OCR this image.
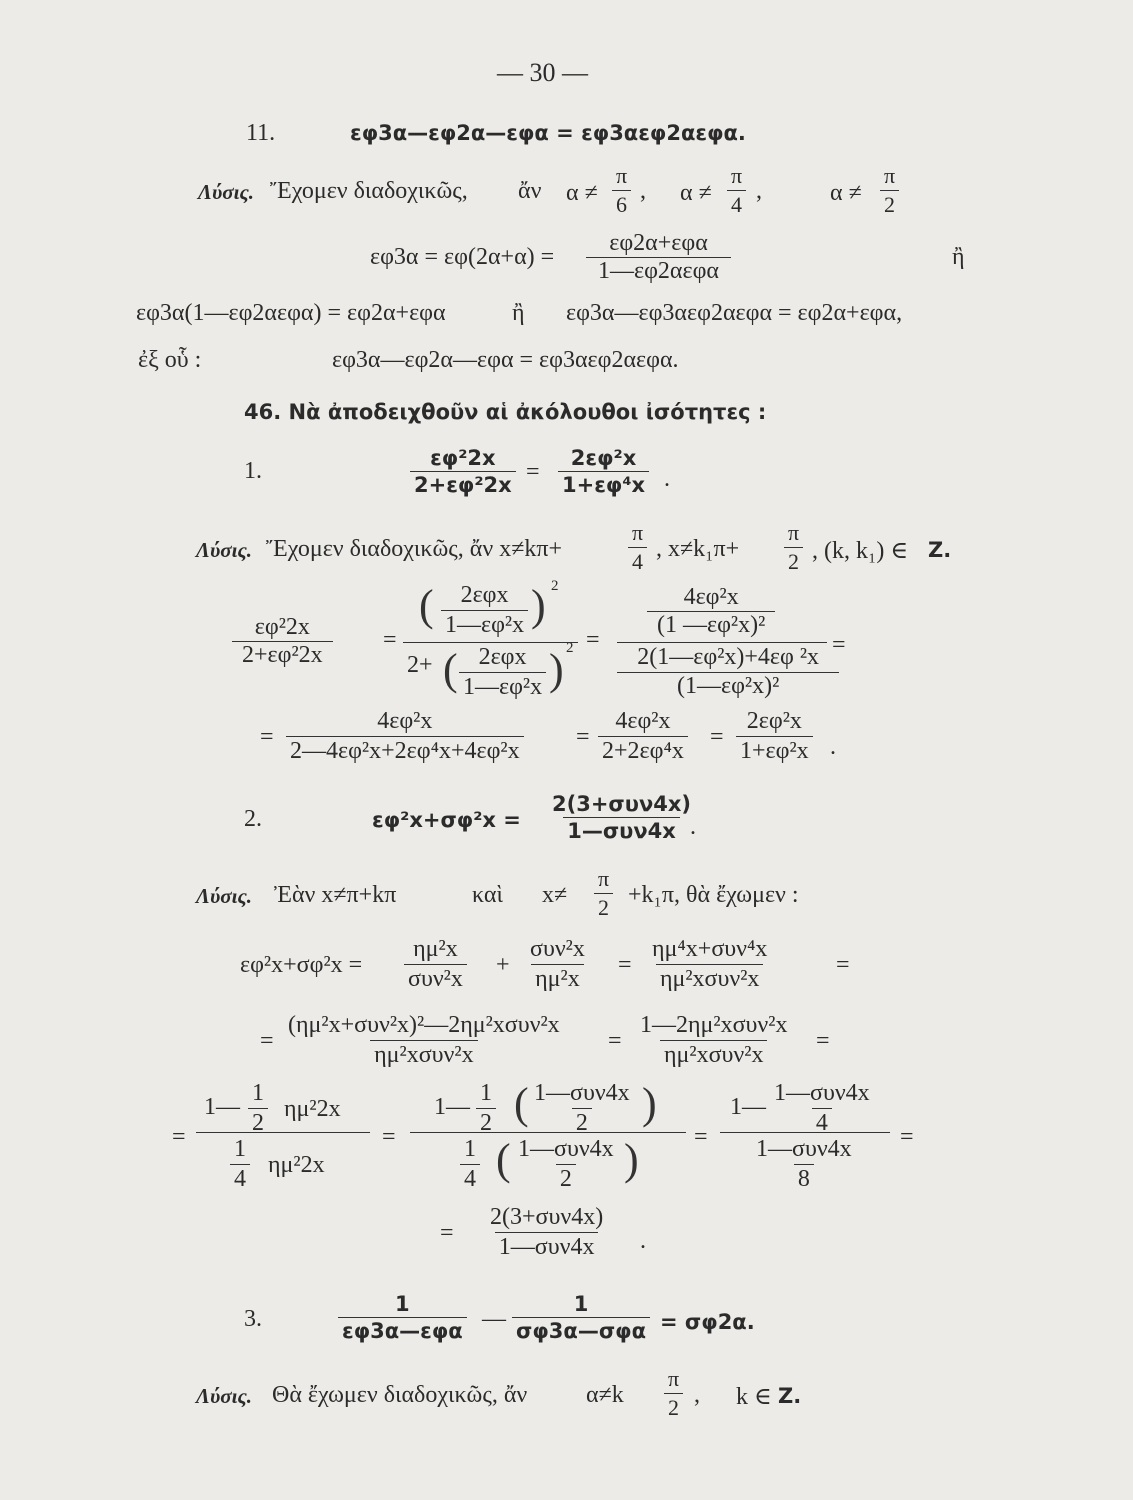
— 30 —
11.	εφ3α—εφ2α—εφα = εφ3αεφ2αεφα.
Λύσις. Ἔχομεν διαδοχικῶς, ἄν $\alpha \ne \frac{\pi}{6}$ , $\alpha \ne \frac{\pi}{4}$ ,	$\alpha \ne \frac{\pi}{2}$
εφ3α = εφ(2α+α) =
εφ2α+εφα
1—εφ2αεφα
ἢ
εφ3α(1—εφ2αεφα) = εφ2α+εφα	ἢ εφ3α—εφ3αεφ2αεφα = εφ2α+εφα,
ἐξ οὗ :	εφ3α—εφ2α—εφα = εφ3αεφ2αεφα.
46. Νὰ ἀποδειχθοῦν αἱ ἀκόλουθοι ἰσότητες :
1.	$\frac{\text{εφ²2x}}{\text{2+εφ²2x}} = \frac{\text{2εφ²x}}{\text{1+εφ⁴x}}$ .
Λύσις. Ἔχομεν διαδοχικῶς, ἄν x≠kπ+	$\frac{\pi}{4}$ , $x\ne k_1\pi+ \frac{\pi}{2}$ , (k, k₁) ∈ Z.
$\frac{\text{εφ²2x}}{\text{2+εφ²2x}}$ =
( 2εφx
1—εφ²x ) 2
2+ ( 2εφx
1—εφ²x ) 2 =
$\frac{\text{4εφ²x}}{\text{(1 —εφ²x)²}}$
$\frac{\text{2(1—εφ²x)+4εφ ²x}}{\text{(1—εφ²x)²}}$
=
= $\frac{\text{4εφ²x}}{\text{2—4εφ²x+2εφ⁴x+4εφ²x}} = \frac{\text{4εφ²x}}{\text{2+2εφ⁴x}} = \frac{\text{2εφ²x}}{\text{1+εφ²x}}$ .
2.	εφ²x+σφ²x =
2(3+συν4x)
1—συν4x .
Λύσις. Ἐὰν x≠π+kπ	καὶ $x\ne \frac{\pi}{2} +k_1\pi$, θὰ ἔχωμεν :
εφ²x+σφ²x =
ημ²x
συν²x
+
συν²x
ημ²x
=
ημ⁴x+συν⁴x
ημ²xσυν²x
=
=
(ημ²x+συν²x)²—2ημ²xσυν²x
ημ²xσυν²x
=
1—2ημ²xσυν²x
ημ²xσυν²x
=
=
1— $\frac{1}{2} \eta\mu^22x$
$\frac{1}{4} \eta\mu^22x$
=
1— $\frac{1}{2}$ ( 1—συν4x
2 )
$\frac{1}{4}$ ( 1—συν4x
2 ) =
1—
1—συν4x
4
1—συν4x
8
=
=
2(3+συν4x)
1—συν4x .
3.
1
εφ3α—εφα —
1
σφ3α—σφα = σφ2α.
Λύσις. Θὰ ἔχωμεν διαδοχικῶς, ἄν $\alpha\ne k \frac{\pi}{2}$ , k ∈ Z.
